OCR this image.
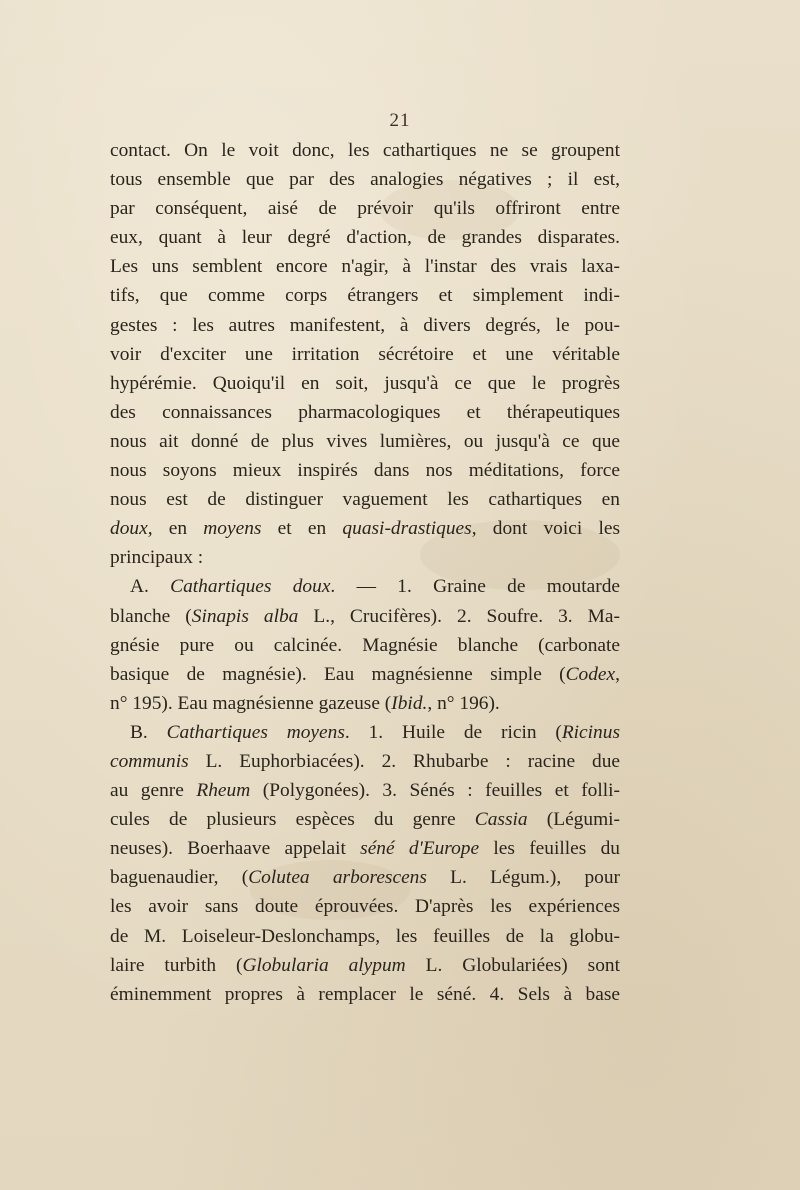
21
contact. On le voit donc, les cathartiques ne se groupent
tous ensemble que par des analogies négatives ; il est,
par conséquent, aisé de prévoir qu'ils offriront entre
eux, quant à leur degré d'action, de grandes disparates.
Les uns semblent encore n'agir, à l'instar des vrais laxa-
tifs, que comme corps étrangers et simplement indi-
gestes : les autres manifestent, à divers degrés, le pou-
voir d'exciter une irritation sécrétoire et une véritable
hypérémie. Quoiqu'il en soit, jusqu'à ce que le progrès
des connaissances pharmacologiques et thérapeutiques
nous ait donné de plus vives lumières, ou jusqu'à ce que
nous soyons mieux inspirés dans nos méditations, force
nous est de distinguer vaguement les cathartiques en
doux, en moyens et en quasi-drastiques, dont voici les
principaux :
A. Cathartiques doux. — 1. Graine de moutarde
blanche (Sinapis alba L., Crucifères). 2. Soufre. 3. Ma-
gnésie pure ou calcinée. Magnésie blanche (carbonate
basique de magnésie). Eau magnésienne simple (Codex,
n° 195). Eau magnésienne gazeuse (Ibid., n° 196).
B. Cathartiques moyens. 1. Huile de ricin (Ricinus
communis L. Euphorbiacées). 2. Rhubarbe : racine due
au genre Rheum (Polygonées). 3. Sénés : feuilles et folli-
cules de plusieurs espèces du genre Cassia (Légumi-
neuses). Boerhaave appelait séné d'Europe les feuilles du
baguenaudier, (Colutea arborescens L. Légum.), pour
les avoir sans doute éprouvées. D'après les expériences
de M. Loiseleur-Deslonchamps, les feuilles de la globu-
laire turbith (Globularia alypum L. Globulariées) sont
éminemment propres à remplacer le séné. 4. Sels à base
